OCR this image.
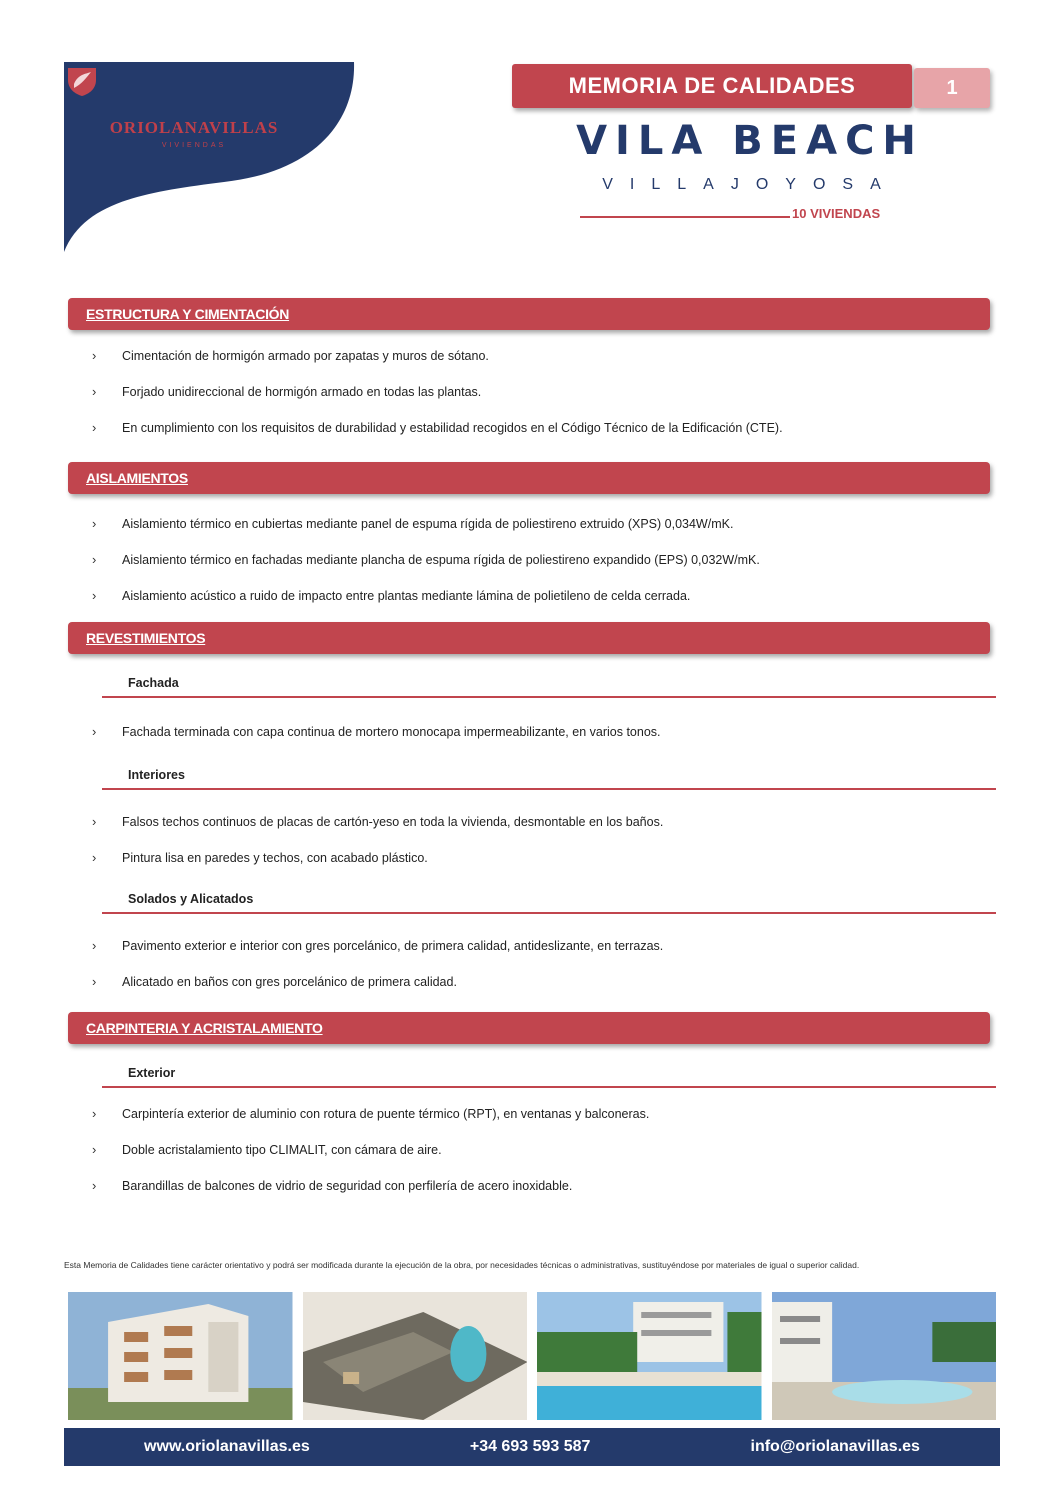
ORIOLANAVILLAS
VIVIENDAS
MEMORIA DE CALIDADES	1
VILA BEACH
VILLAJOYOSA
10 VIVIENDAS
ESTRUCTURA Y CIMENTACIÓN
›	Cimentación de hormigón armado por zapatas y muros de sótano.
›	Forjado unidireccional de hormigón armado en todas las plantas.
›	En cumplimiento con los requisitos de durabilidad y estabilidad recogidos en el Código Técnico de la Edificación (CTE).
AISLAMIENTOS
›	Aislamiento térmico en cubiertas mediante panel de espuma rígida de poliestireno extruido (XPS) 0,034W/mK.
›	Aislamiento térmico en fachadas mediante plancha de espuma rígida de poliestireno expandido (EPS) 0,032W/mK.
›	Aislamiento acústico a ruido de impacto entre plantas mediante lámina de polietileno de celda cerrada.
REVESTIMIENTOS
Fachada
›	Fachada terminada con capa continua de mortero monocapa impermeabilizante, en varios tonos.
Interiores
›	Falsos techos continuos de placas de cartón-yeso en toda la vivienda, desmontable en los baños.
›	Pintura lisa en paredes y techos, con acabado plástico.
Solados y Alicatados
›	Pavimento exterior e interior con gres porcelánico, de primera calidad, antideslizante, en terrazas.
›	Alicatado en baños con gres porcelánico de primera calidad.
CARPINTERIA Y ACRISTALAMIENTO
Exterior
›	Carpintería exterior de aluminio con rotura de puente térmico (RPT), en ventanas y balconeras.
›	Doble acristalamiento tipo CLIMALIT, con cámara de aire.
›	Barandillas de balcones de vidrio de seguridad con perfilería de acero inoxidable.
Esta Memoria de Calidades tiene carácter orientativo y podrá ser modificada durante la ejecución de la obra, por necesidades técnicas o administrativas, sustituyéndose por materiales de igual o superior calidad.
www.oriolanavillas.es	+34 693 593 587	info@oriolanavillas.es
